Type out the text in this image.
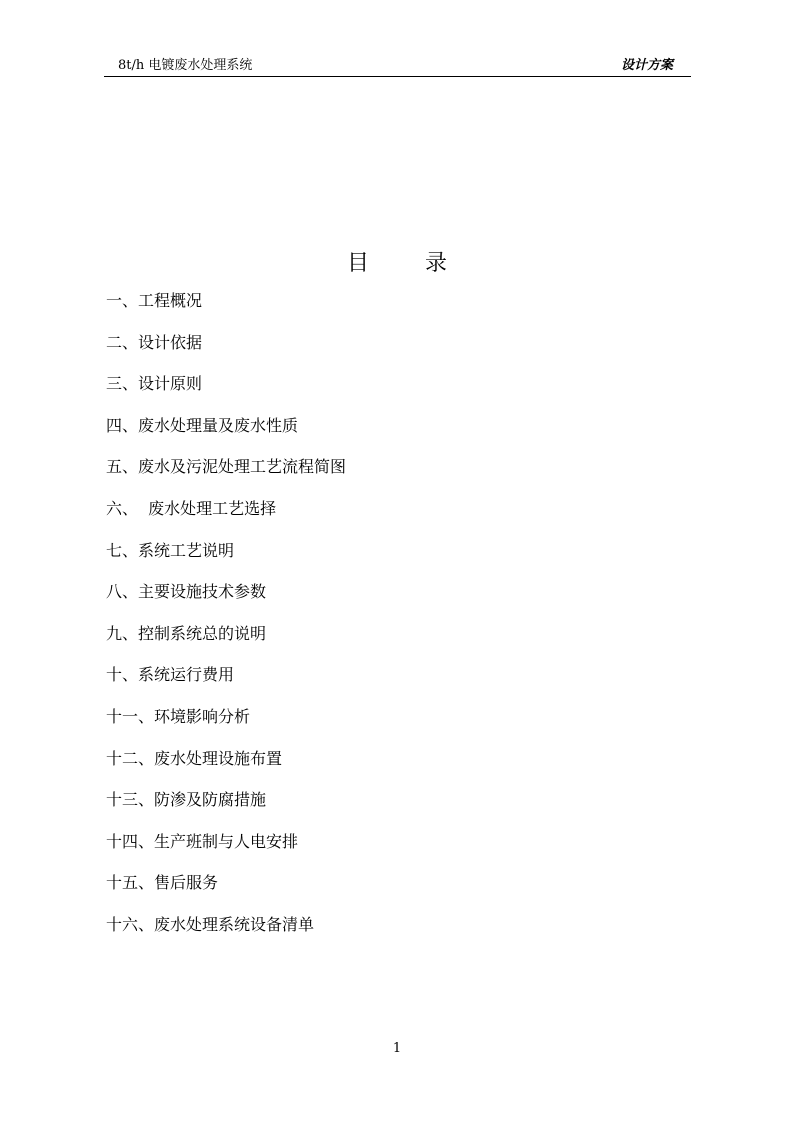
8t/h 电镀废水处理系统	设计方案
目        录
一、工程概况
二、设计依据
三、设计原则
四、废水处理量及废水性质
五、废水及污泥处理工艺流程简图
六、  废水处理工艺选择
七、系统工艺说明
八、主要设施技术参数
九、控制系统总的说明
十、系统运行费用
十一、环境影响分析
十二、废水处理设施布置
十三、防渗及防腐措施
十四、生产班制与人电安排
十五、售后服务
十六、废水处理系统设备清单
1
